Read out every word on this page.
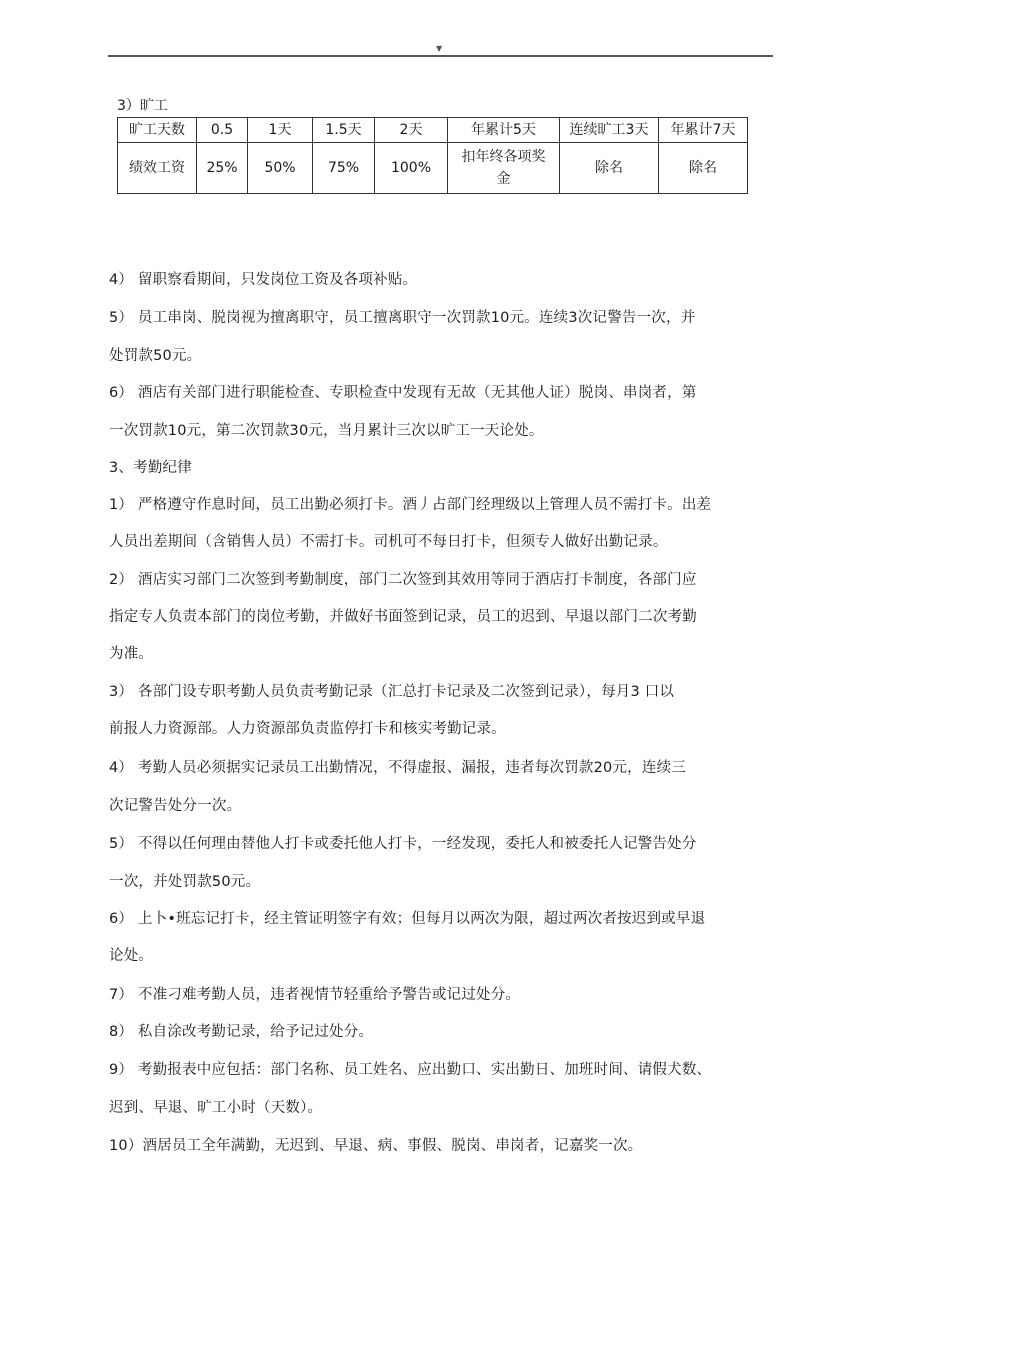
▼
3）旷工
旷工天数	0.5	1天	1.5天	2天	年累计5天	连续旷工3天	年累计7天
绩效工资	25%	50%	75%	100%	扣年终各项奖金	除名	除名
4） 留职察看期间，只发岗位工资及各项补贴。
5） 员工串岗、脱岗视为擅离职守，员工擅离职守一次罚款10元。连续3次记警告一次，并
处罚款50元。
6） 酒店有关部门进行职能检查、专职检查中发现有无故（无其他人证）脱岗、串岗者，第
一次罚款10元，第二次罚款30元，当月累计三次以旷工一天论处。
3、考勤纪律
1） 严格遵守作息时间，员工出勤必须打卡。酒丿占部门经理级以上管理人员不需打卡。出差
人员出差期间（含销售人员）不需打卡。司机可不每日打卡，但须专人做好出勤记录。
2） 酒店实习部门二次签到考勤制度，部门二次签到其效用等同于酒店打卡制度，各部门应
指定专人负责本部门的岗位考勤，并做好书面签到记录，员工的迟到、早退以部门二次考勤
为准。
3） 各部门设专职考勤人员负责考勤记录（汇总打卡记录及二次签到记录），每月3 口以
前报人力资源部。人力资源部负责监停打卡和核实考勤记录。
4） 考勤人员必须据实记录员工出勤情况，不得虚报、漏报，违者每次罚款20元，连续三
次记警告处分一次。
5） 不得以任何理由替他人打卡或委托他人打卡，一经发现，委托人和被委托人记警告处分
一次，并处罚款50元。
6） 上卜•班忘记打卡，经主管证明签字有效；但每月以两次为限，超过两次者按迟到或早退
论处。
7） 不准刁难考勤人员，违者视情节轻重给予警告或记过处分。
8） 私自涂改考勤记录，给予记过处分。
9） 考勤报表中应包括：部门名称、员工姓名、应出勤口、实出勤日、加班时间、请假犬数、
迟到、早退、旷工小时（天数）。
10）酒居员工全年满勤，无迟到、早退、病、事假、脱岗、串岗者，记嘉奖一次。
